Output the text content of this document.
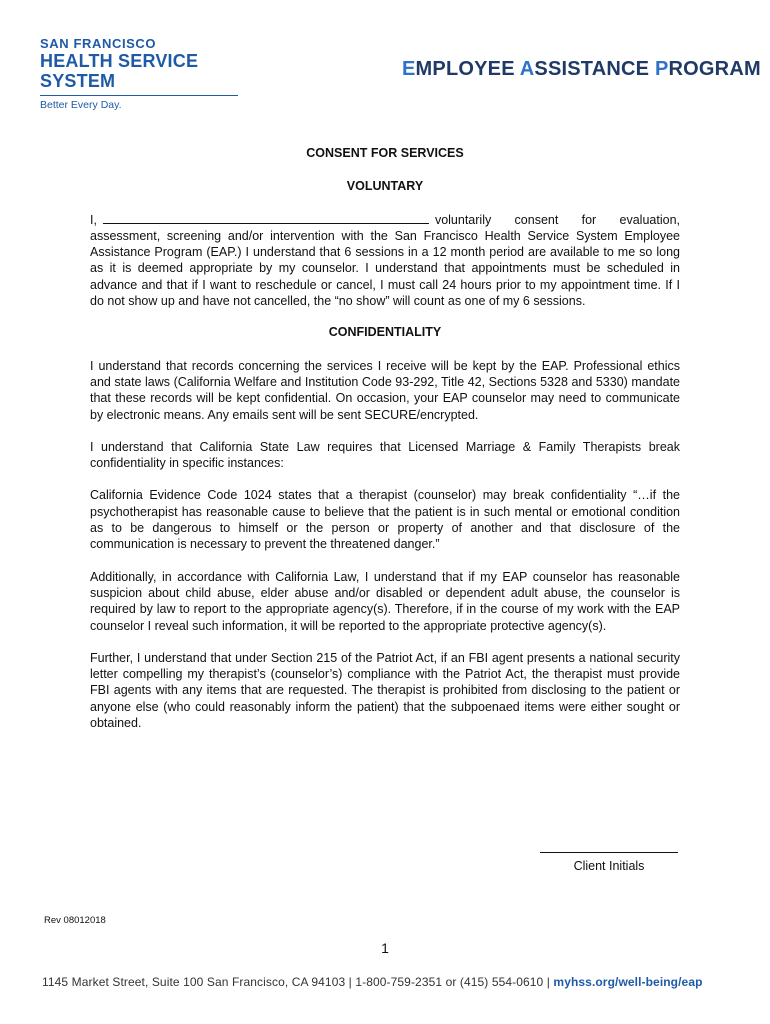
SAN FRANCISCO
HEALTH SERVICE SYSTEM
Better Every Day.
EMPLOYEE ASSISTANCE PROGRAM
CONSENT FOR SERVICES
VOLUNTARY

I,	voluntarily consent for evaluation, assessment, screening and/or intervention with the San Francisco Health Service System Employee Assistance Program (EAP.) I understand that 6 sessions in a 12 month period are available to me so long as it is deemed appropriate by my counselor. I understand that appointments must be scheduled in advance and that if I want to reschedule or cancel, I must call 24 hours prior to my appointment time. If I do not show up and have not cancelled, the “no show” will count as one of my 6 sessions.

CONFIDENTIALITY

I understand that records concerning the services I receive will be kept by the EAP. Professional ethics and state laws (California Welfare and Institution Code 93-292, Title 42, Sections 5328 and 5330) mandate that these records will be kept confidential. On occasion, your EAP counselor may need to communicate by electronic means. Any emails sent will be sent SECURE/encrypted.

I understand that California State Law requires that Licensed Marriage & Family Therapists break confidentiality in specific instances:

California Evidence Code 1024 states that a therapist (counselor) may break confidentiality “…if the psychotherapist has reasonable cause to believe that the patient is in such mental or emotional condition as to be dangerous to himself or the person or property of another and that disclosure of the communication is necessary to prevent the threatened danger.”

Additionally, in accordance with California Law, I understand that if my EAP counselor has reasonable suspicion about child abuse, elder abuse and/or disabled or dependent adult abuse, the counselor is required by law to report to the appropriate agency(s). Therefore, if in the course of my work with the EAP counselor I reveal such information, it will be reported to the appropriate protective agency(s).

Further, I understand that under Section 215 of the Patriot Act, if an FBI agent presents a national security letter compelling my therapist’s (counselor’s) compliance with the Patriot Act, the therapist must provide FBI agents with any items that are requested. The therapist is prohibited from disclosing to the patient or anyone else (who could reasonably inform the patient) that the subpoenaed items were either sought or obtained.

Client Initials
Rev 08012018
1
1145 Market Street, Suite 100 San Francisco, CA 94103 | 1-800-759-2351 or (415) 554-0610 | myhss.org/well-being/eap
